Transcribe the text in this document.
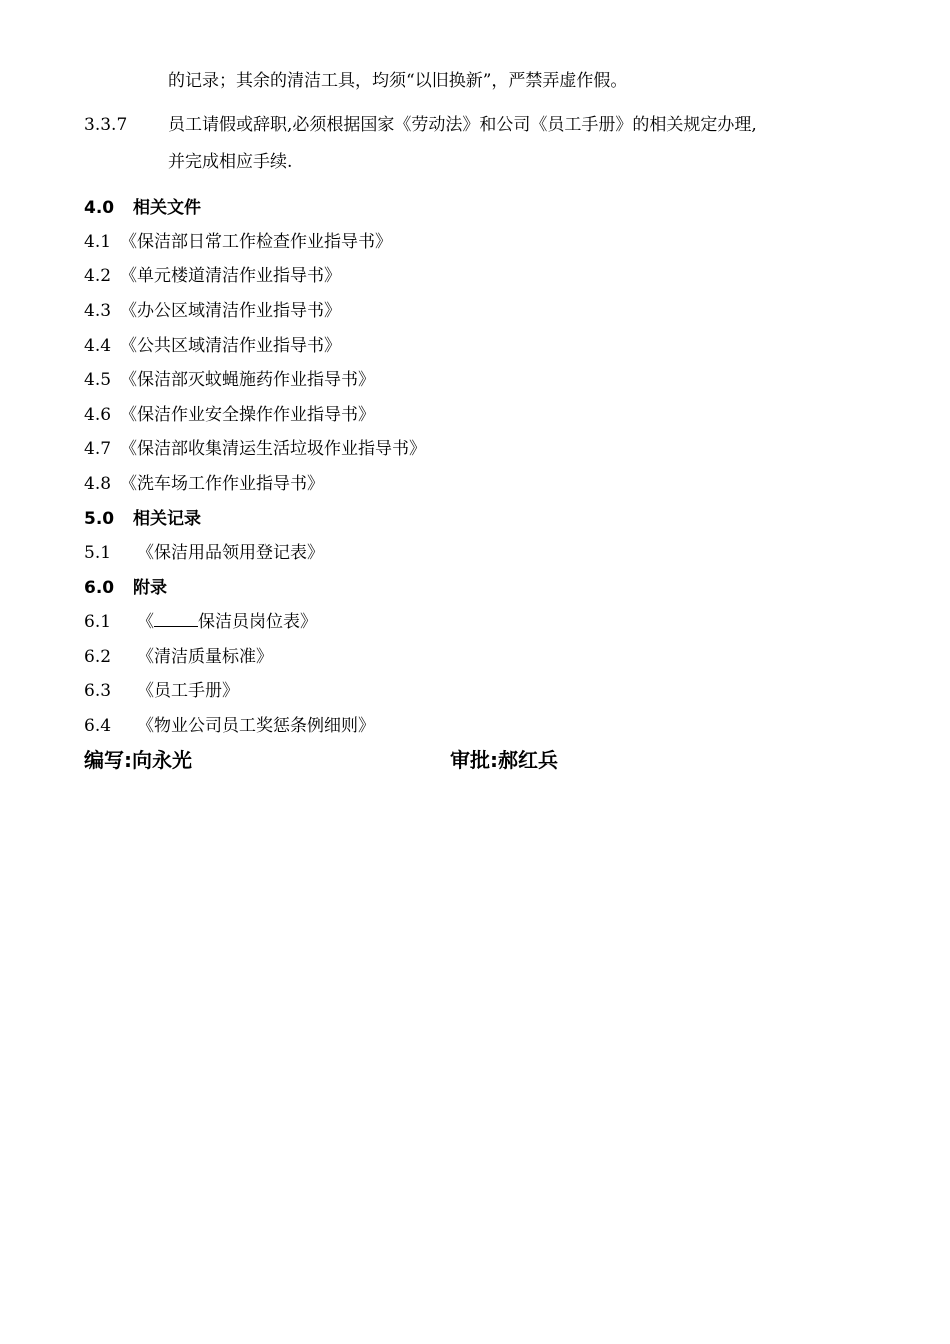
的记录；其余的清洁工具，均须“以旧换新”，严禁弄虚作假。
3.3.7 员工请假或辞职,必须根据国家《劳动法》和公司《员工手册》的相关规定办理,
并完成相应手续.
4.0 相关文件
4.1 《保洁部日常工作检查作业指导书》
4.2 《单元楼道清洁作业指导书》
4.3 《办公区域清洁作业指导书》
4.4 《公共区域清洁作业指导书》
4.5 《保洁部灭蚊蝇施药作业指导书》
4.6 《保洁作业安全操作作业指导书》
4.7 《保洁部收集清运生活垃圾作业指导书》
4.8 《洗车场工作作业指导书》
5.0 相关记录
5.1 《保洁用品领用登记表》
6.0 附录
6.1 《	保洁员岗位表》
6.2 《清洁质量标准》
6.3 《员工手册》
6.4 《物业公司员工奖惩条例细则》
编写:向永光	审批:郝红兵
